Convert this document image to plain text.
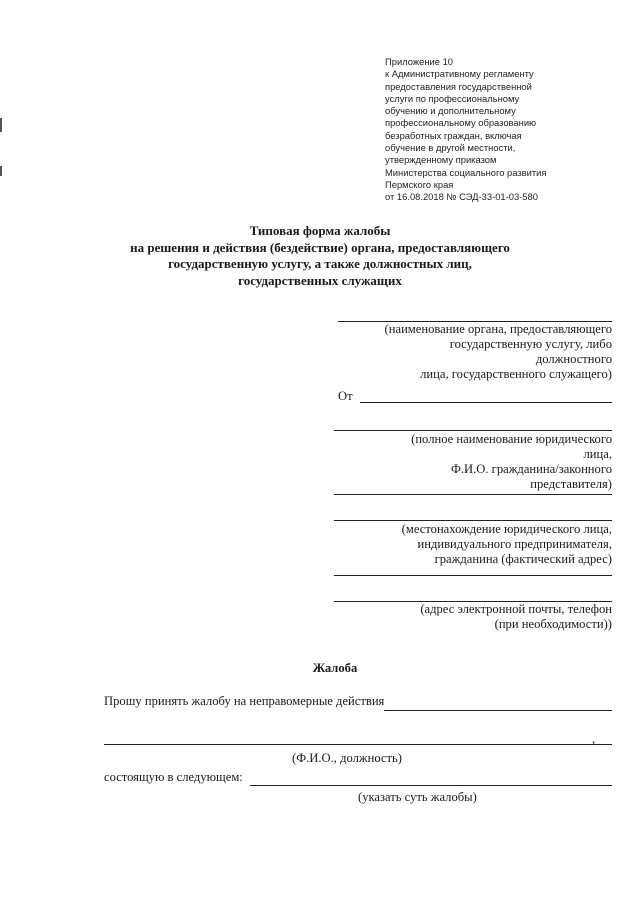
Приложение 10
к Административному регламенту
предоставления государственной
услуги по профессиональному
обучению и дополнительному
профессиональному образованию
безработных граждан, включая
обучение в другой местности,
утвержденному приказом
Министерства социального развития
Пермского края
от 16.08.2018 № СЭД-33-01-03-580
Типовая форма жалобы
на решения и действия (бездействие) органа, предоставляющего
государственную услугу, а также должностных лиц,
государственных служащих
(наименование органа, предоставляющего
государственную услугу, либо
должностного
лица, государственного служащего)
От
(полное наименование юридического
лица,
Ф.И.О. гражданина/законного
представителя)
(местонахождение юридического лица,
индивидуального предпринимателя,
гражданина (фактический адрес)
(адрес электронной почты, телефон
(при необходимости))
Жалоба
Прошу принять жалобу на неправомерные действия
,
(Ф.И.О., должность)
состоящую в следующем:
(указать суть жалобы)
